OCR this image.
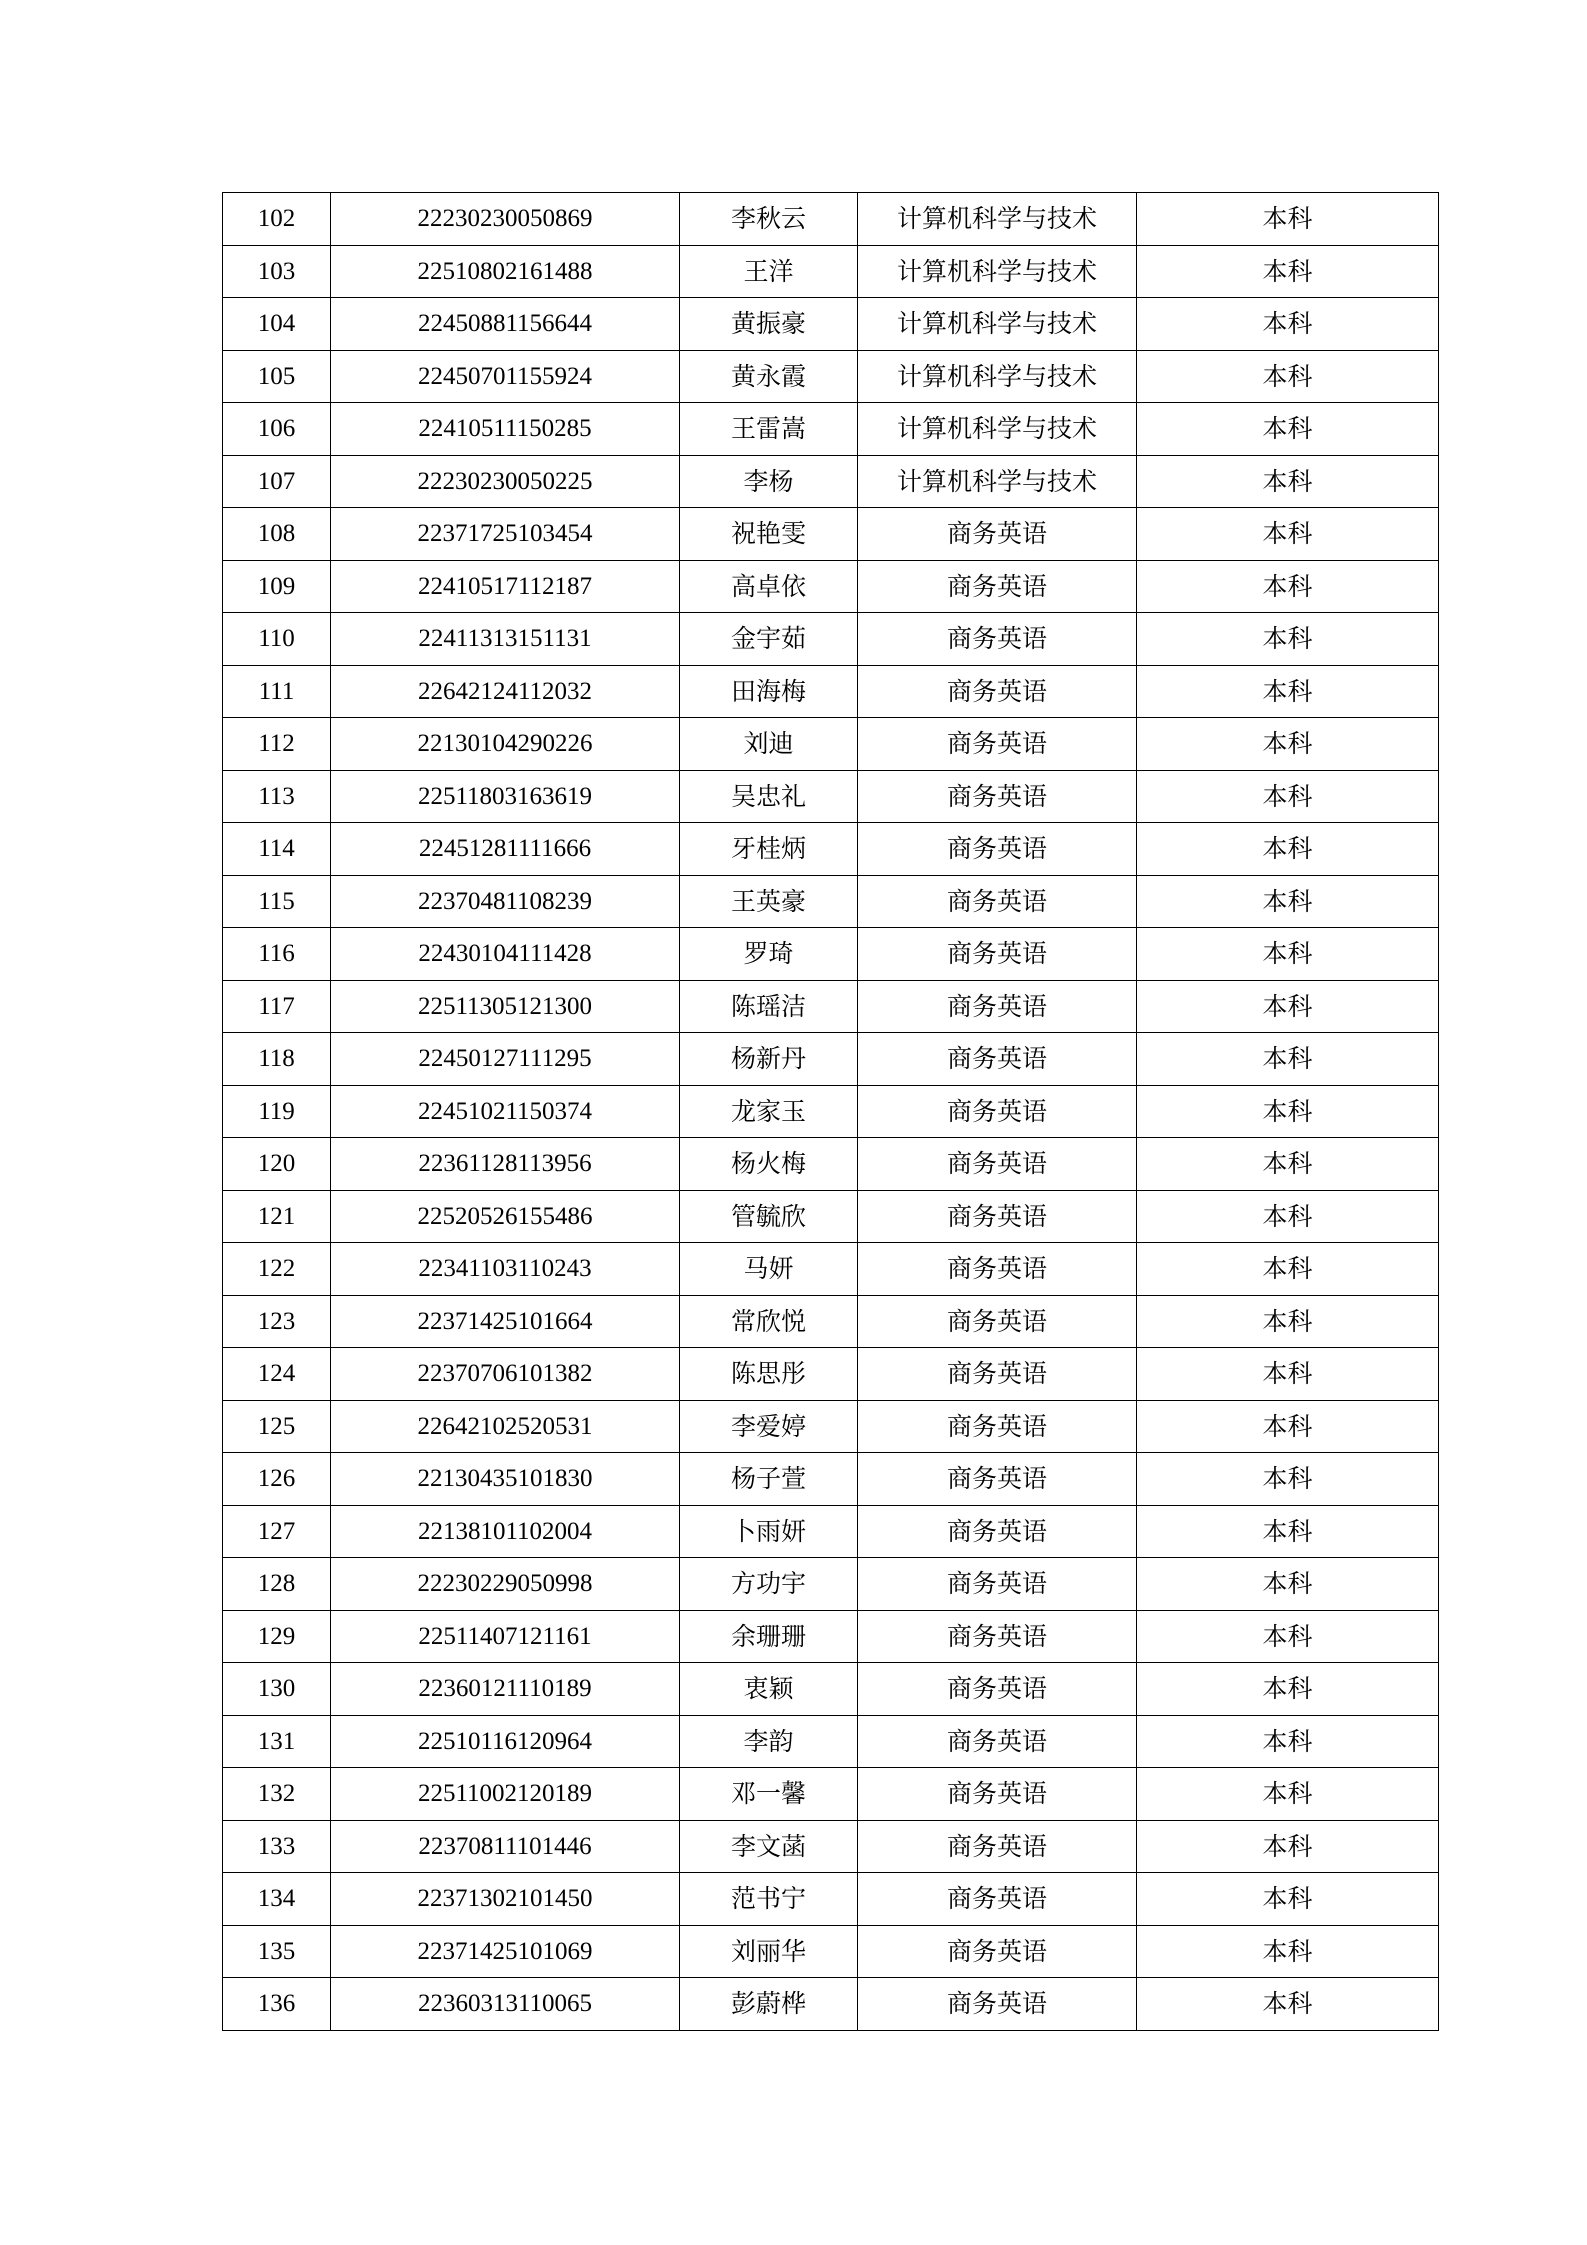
102	22230230050869	李秋云	计算机科学与技术	本科
103	22510802161488	王洋	计算机科学与技术	本科
104	22450881156644	黄振豪	计算机科学与技术	本科
105	22450701155924	黄永霞	计算机科学与技术	本科
106	22410511150285	王雷嵩	计算机科学与技术	本科
107	22230230050225	李杨	计算机科学与技术	本科
108	22371725103454	祝艳雯	商务英语	本科
109	22410517112187	高卓依	商务英语	本科
110	22411313151131	金宇茹	商务英语	本科
111	22642124112032	田海梅	商务英语	本科
112	22130104290226	刘迪	商务英语	本科
113	22511803163619	吴忠礼	商务英语	本科
114	22451281111666	牙桂炳	商务英语	本科
115	22370481108239	王英豪	商务英语	本科
116	22430104111428	罗琦	商务英语	本科
117	22511305121300	陈瑶洁	商务英语	本科
118	22450127111295	杨新丹	商务英语	本科
119	22451021150374	龙家玉	商务英语	本科
120	22361128113956	杨火梅	商务英语	本科
121	22520526155486	管毓欣	商务英语	本科
122	22341103110243	马妍	商务英语	本科
123	22371425101664	常欣悦	商务英语	本科
124	22370706101382	陈思彤	商务英语	本科
125	22642102520531	李爱婷	商务英语	本科
126	22130435101830	杨子萱	商务英语	本科
127	22138101102004	卜雨妍	商务英语	本科
128	22230229050998	方功宇	商务英语	本科
129	22511407121161	余珊珊	商务英语	本科
130	22360121110189	衷颖	商务英语	本科
131	22510116120964	李韵	商务英语	本科
132	22511002120189	邓一馨	商务英语	本科
133	22370811101446	李文菡	商务英语	本科
134	22371302101450	范书宁	商务英语	本科
135	22371425101069	刘丽华	商务英语	本科
136	22360313110065	彭蔚桦	商务英语	本科
